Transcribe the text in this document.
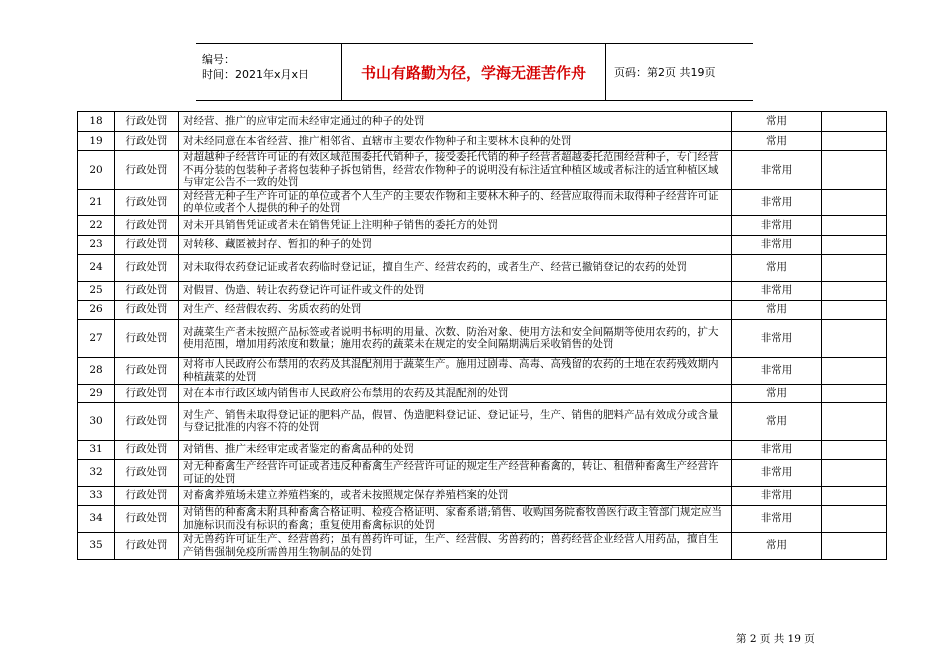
编号：
时间：2021年x月x日	书山有路勤为径，学海无涯苦作舟	页码：第2页 共19页
18	行政处罚	对经营、推广的应审定而未经审定通过的种子的处罚	常用	
19	行政处罚	对未经同意在本省经营、推广相邻省、直辖市主要农作物种子和主要林木良种的处罚	常用	
20	行政处罚	对超越种子经营许可证的有效区域范围委托代销种子，接受委托代销的种子经营者超越委托范围经营种子，专门经营不再分装的包装种子者将包装种子拆包销售，经营农作物种子的说明没有标注适宜种植区域或者标注的适宜种植区域与审定公告不一致的处罚	非常用	
21	行政处罚	对经营无种子生产许可证的单位或者个人生产的主要农作物和主要林木种子的、经营应取得而未取得种子经营许可证的单位或者个人提供的种子的处罚	非常用	
22	行政处罚	对未开具销售凭证或者未在销售凭证上注明种子销售的委托方的处罚	非常用	
23	行政处罚	对转移、藏匿被封存、暂扣的种子的处罚	非常用	
24	行政处罚	对未取得农药登记证或者农药临时登记证，擅自生产、经营农药的，或者生产、经营已撤销登记的农药的处罚	常用	
25	行政处罚	对假冒、伪造、转让农药登记许可证件或文件的处罚	非常用	
26	行政处罚	对生产、经营假农药、劣质农药的处罚	常用	
27	行政处罚	对蔬菜生产者未按照产品标签或者说明书标明的用量、次数、防治对象、使用方法和安全间隔期等使用农药的，扩大使用范围，增加用药浓度和数量；施用农药的蔬菜未在规定的安全间隔期满后采收销售的处罚	非常用	
28	行政处罚	对将市人民政府公布禁用的农药及其混配剂用于蔬菜生产。施用过剧毒、高毒、高残留的农药的土地在农药残效期内种植蔬菜的处罚	非常用	
29	行政处罚	对在本市行政区域内销售市人民政府公布禁用的农药及其混配剂的处罚	常用	
30	行政处罚	对生产、销售未取得登记证的肥料产品，假冒、伪造肥料登记证、登记证号，生产、销售的肥料产品有效成分或含量与登记批准的内容不符的处罚	常用	
31	行政处罚	对销售、推广未经审定或者鉴定的畜禽品种的处罚	非常用	
32	行政处罚	对无种畜禽生产经营许可证或者违反种畜禽生产经营许可证的规定生产经营种畜禽的，转让、租借种畜禽生产经营许可证的处罚	非常用	
33	行政处罚	对畜禽养殖场未建立养殖档案的，或者未按照规定保存养殖档案的处罚	非常用	
34	行政处罚	对销售的种畜禽未附具种畜禽合格证明、检疫合格证明、家畜系谱;销售、收购国务院畜牧兽医行政主管部门规定应当加施标识而没有标识的畜禽；重复使用畜禽标识的处罚	非常用	
35	行政处罚	对无兽药许可证生产、经营兽药；虽有兽药许可证，生产、经营假、劣兽药的；兽药经营企业经营人用药品，擅自生产销售强制免疫所需兽用生物制品的处罚	常用	
第 2 页 共 19 页
